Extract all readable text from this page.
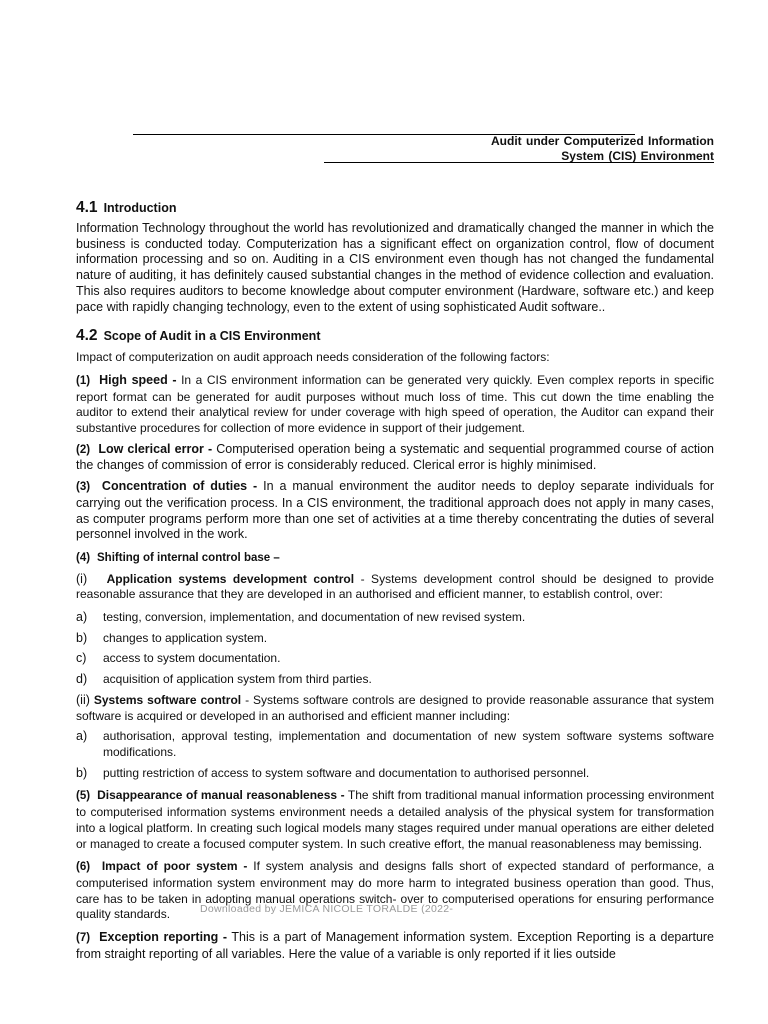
Audit under Computerized Information
System (CIS) Environment
4.1 Introduction

Information Technology throughout the world has revolutionized and dramatically changed the manner in which the business is conducted today. Computerization has a significant effect on organization control, flow of document information processing and so on. Auditing in a CIS environment even though has not changed the fundamental nature of auditing, it has definitely caused substantial changes in the method of evidence collection and evaluation. This also requires auditors to become knowledge about computer environment (Hardware, software etc.) and keep pace with rapidly changing technology, even to the extent of using sophisticated Audit software..

4.2 Scope of Audit in a CIS Environment

Impact of computerization on audit approach needs consideration of the following factors:

(1) High speed - In a CIS environment information can be generated very quickly. Even complex reports in specific report format can be generated for audit purposes without much loss of time. This cut down the time enabling the auditor to extend their analytical review for under coverage with high speed of operation, the Auditor can expand their substantive procedures for collection of more evidence in support of their judgement.

(2) Low clerical error - Computerised operation being a systematic and sequential programmed course of action the changes of commission of error is considerably reduced. Clerical error is highly minimised.

(3) Concentration of duties - In a manual environment the auditor needs to deploy separate individuals for carrying out the verification process. In a CIS environment, the traditional approach does not apply in many cases, as computer programs perform more than one set of activities at a time thereby concentrating the duties of several personnel involved in the work.

(4) Shifting of internal control base –

(i) Application systems development control - Systems development control should be designed to provide reasonable assurance that they are developed in an authorised and efficient manner, to establish control, over:

a) testing, conversion, implementation, and documentation of new revised system.
b) changes to application system.
c) access to system documentation.
d) acquisition of application system from third parties.

(ii) Systems software control - Systems software controls are designed to provide reasonable assurance that system software is acquired or developed in an authorised and efficient manner including:

a) authorisation, approval testing, implementation and documentation of new system software systems software modifications.
b) putting restriction of access to system software and documentation to authorised personnel.

(5) Disappearance of manual reasonableness - The shift from traditional manual information processing environment to computerised information systems environment needs a detailed analysis of the physical system for transformation into a logical platform. In creating such logical models many stages required under manual operations are either deleted or managed to create a focused computer system. In such creative effort, the manual reasonableness may bemissing.

(6) Impact of poor system - If system analysis and designs falls short of expected standard of performance, a computerised information system environment may do more harm to integrated business operation than good. Thus, care has to be taken in adopting manual operations switch- over to computerised operations for ensuring performance quality standards.

(7) Exception reporting - This is a part of Management information system. Exception Reporting is a departure from straight reporting of all variables. Here the value of a variable is only reported if it lies outside

Downloaded by JEMICA NICOLE TORALDE (2022-
